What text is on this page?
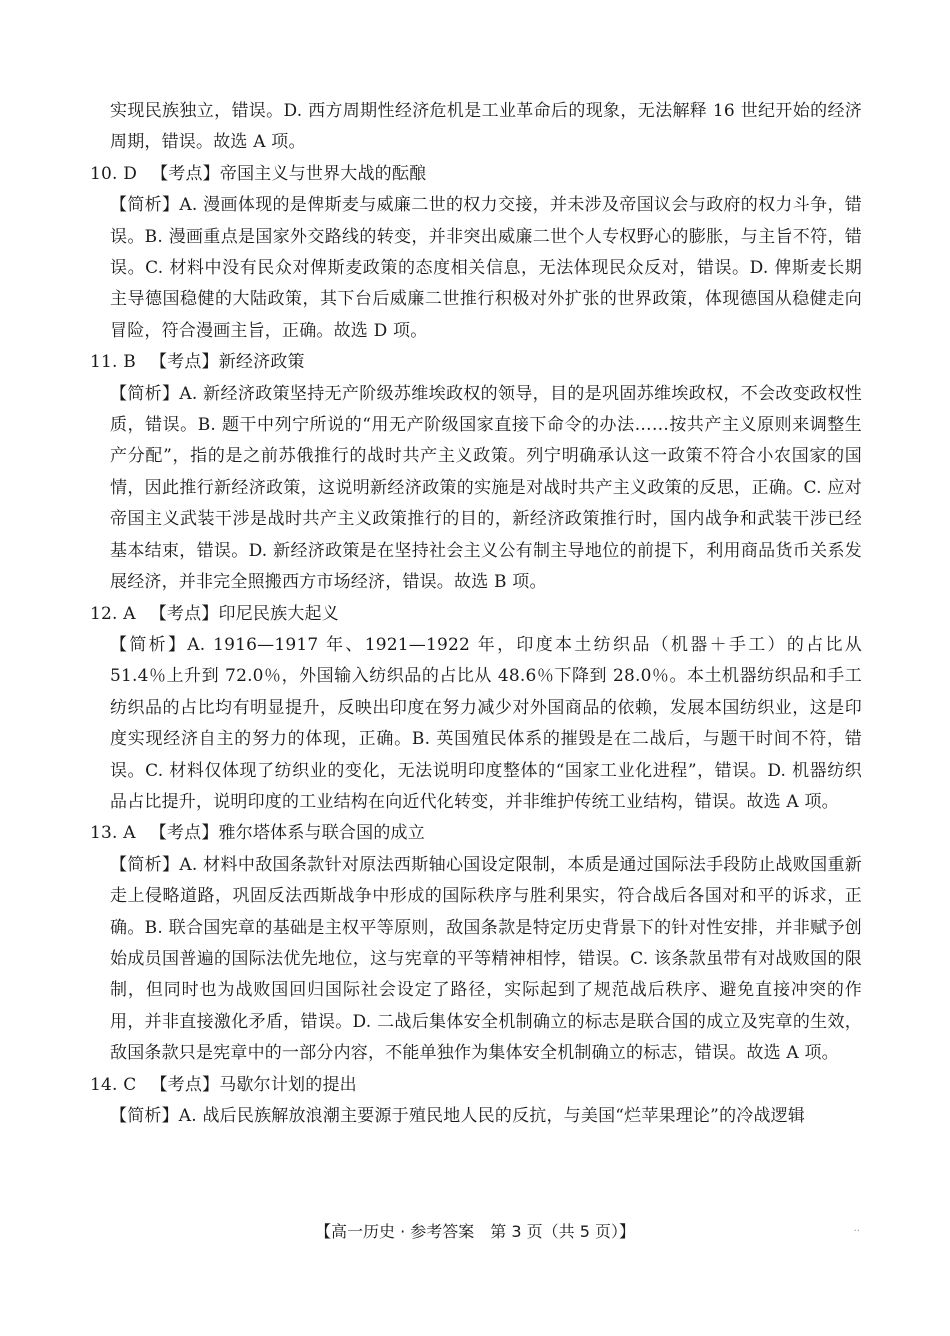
实现民族独立，错误。D. 西方周期性经济危机是工业革命后的现象，无法解释 16 世纪开始的经济周期，错误。故选 A 项。

10. D 【考点】帝国主义与世界大战的酝酿

【简析】A. 漫画体现的是俾斯麦与威廉二世的权力交接，并未涉及帝国议会与政府的权力斗争，错误。B. 漫画重点是国家外交路线的转变，并非突出威廉二世个人专权野心的膨胀，与主旨不符，错误。C. 材料中没有民众对俾斯麦政策的态度相关信息，无法体现民众反对，错误。D. 俾斯麦长期主导德国稳健的大陆政策，其下台后威廉二世推行积极对外扩张的世界政策，体现德国从稳健走向冒险，符合漫画主旨，正确。故选 D 项。

11. B 【考点】新经济政策

【简析】A. 新经济政策坚持无产阶级苏维埃政权的领导，目的是巩固苏维埃政权，不会改变政权性质，错误。B. 题干中列宁所说的“用无产阶级国家直接下命令的办法……按共产主义原则来调整生产分配”，指的是之前苏俄推行的战时共产主义政策。列宁明确承认这一政策不符合小农国家的国情，因此推行新经济政策，这说明新经济政策的实施是对战时共产主义政策的反思，正确。C. 应对帝国主义武装干涉是战时共产主义政策推行的目的，新经济政策推行时，国内战争和武装干涉已经基本结束，错误。D. 新经济政策是在坚持社会主义公有制主导地位的前提下，利用商品货币关系发展经济，并非完全照搬西方市场经济，错误。故选 B 项。

12. A 【考点】印尼民族大起义

【简析】A. 1916—1917 年、1921—1922 年，印度本土纺织品（机器＋手工）的占比从 51.4％上升到 72.0％，外国输入纺织品的占比从 48.6％下降到 28.0％。本土机器纺织品和手工纺织品的占比均有明显提升，反映出印度在努力减少对外国商品的依赖，发展本国纺织业，这是印度实现经济自主的努力的体现，正确。B. 英国殖民体系的摧毁是在二战后，与题干时间不符，错误。C. 材料仅体现了纺织业的变化，无法说明印度整体的“国家工业化进程”，错误。D. 机器纺织品占比提升，说明印度的工业结构在向近代化转变，并非维护传统工业结构，错误。故选 A 项。

13. A 【考点】雅尔塔体系与联合国的成立

【简析】A. 材料中敌国条款针对原法西斯轴心国设定限制，本质是通过国际法手段防止战败国重新走上侵略道路，巩固反法西斯战争中形成的国际秩序与胜利果实，符合战后各国对和平的诉求，正确。B. 联合国宪章的基础是主权平等原则，敌国条款是特定历史背景下的针对性安排，并非赋予创始成员国普遍的国际法优先地位，这与宪章的平等精神相悖，错误。C. 该条款虽带有对战败国的限制，但同时也为战败国回归国际社会设定了路径，实际起到了规范战后秩序、避免直接冲突的作用，并非直接激化矛盾，错误。D. 二战后集体安全机制确立的标志是联合国的成立及宪章的生效，敌国条款只是宪章中的一部分内容，不能单独作为集体安全机制确立的标志，错误。故选 A 项。

14. C 【考点】马歇尔计划的提出

【简析】A. 战后民族解放浪潮主要源于殖民地人民的反抗，与美国“烂苹果理论”的冷战逻辑

【高一历史 · 参考答案　第 3 页（共 5 页）】	··
